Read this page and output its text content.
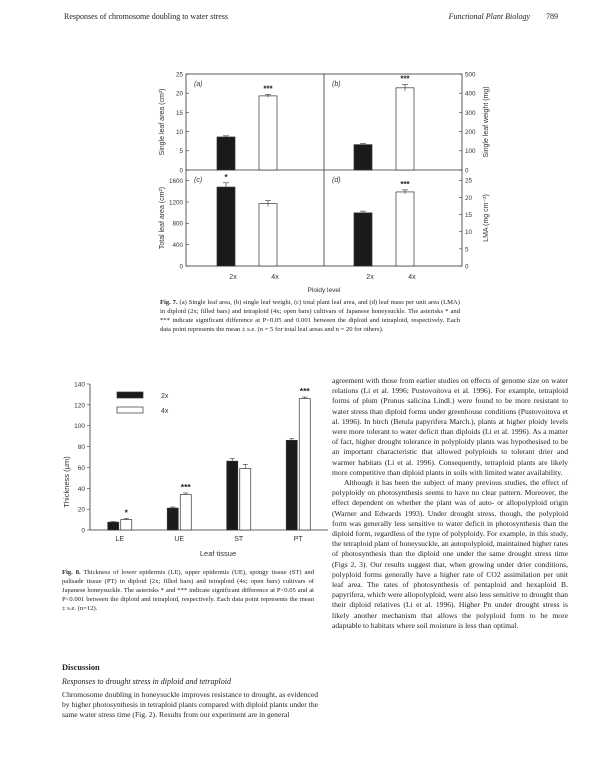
Responses of chromosome doubling to water stress	Functional Plant Biology 789
0
5
10
15
20
25
Single leaf area (cm²)
(a)	***
0
100
200
300
400
500
Single leaf weight (mg)
(b)
***
0
400
800
1200
1600
Total leaf area (cm²)
(c)	*
0
5
10
15
20
25
LMA (mg cm⁻²)
(d)	***
2x	4x	2x	4x
Ploidy level
Fig. 7. (a) Single leaf area, (b) single leaf weight, (c) total plant leaf area, and (d) leaf mass per unit area (LMA) in diploid (2x; filled bars) and tetraploid (4x; open bars) cultivars of Japanese honeysuckle. The asterisks * and *** indicate significant difference at P<0.05 and 0.001 between the diploid and tetraploid, respectively. Each data point represents the mean ± s.e. (n = 5 for total leaf areas and n = 20 for others).
0
20
40
60
80
100
120
140
LE
*
UE
***
ST	PT
***
2x
4x
Thickness (μm)
Leaf tissue
Fig. 8. Thickness of lower epidermis (LE), upper epidermis (UE), spongy tissue (ST) and palisade tissue (PT) in diploid (2x; filled bars) and tetraploid (4x; open bars) cultivars of Japanese honeysuckle. The asterisks * and *** indicate significant difference at P<0.05 and at P<0.001 between the diploid and tetraploid, respectively. Each data point represents the mean ± s.e. (n=12).
Discussion
Responses to drought stress in diploid and tetraploid

Chromosome doubling in honeysuckle improves resistance to drought, as evidenced by higher photosynthesis in tetraploid plants compared with diploid plants under the same water stress time (Fig. 2). Results from our experiment are in general

agreement with those from earlier studies on effects of genome size on water relations (Li et al. 1996; Pustovoitova et al. 1996). For example, tetraploid forms of plum (Prunus salicina Lindl.) were found to be more resistant to water stress than diploid forms under greenhouse conditions (Pustovoitova et al. 1996). In birch (Betula papyrifera March.), plants at higher ploidy levels were more tolerant to water deficit than diploids (Li et al. 1996). As a matter of fact, higher drought tolerance in polyploidy plants was hypothesised to be an important characteristic that allowed polyploids to tolerant drier and warmer habitats (Li et al. 1996). Consequently, tetraploid plants are likely more competitive than diploid plants in soils with limited water availability.

Although it has been the subject of many previous studies, the effect of polyploidy on photosynthesis seems to have no clear pattern. Moreover, the effect dependent on whether the plant was of auto- or allopolyploid origin (Warner and Edwards 1993). Under drought stress, though, the polyploid form was generally less sensitive to water deficit in photosynthesis than the diploid form, regardless of the type of polyploidy. For example, in this study, the tetraploid plant of honeysuckle, an autopolyploid, maintained higher rates of photosynthesis than the diploid one under the same drought stress time (Figs 2, 3). Our results suggest that, when growing under drier conditions, polyploid forms generally have a higher rate of CO2 assimilation per unit leaf area. The rates of photosynthesis of pentaploid and hexaploid B. papyrifera, which were allopolyploid, were also less sensitive to drought than their diploid relatives (Li et al. 1996). Higher Pn under drought stress is likely another mechanism that allows the polyploid form to be more adaptable to habitats where soil moisture is less than optimal.
